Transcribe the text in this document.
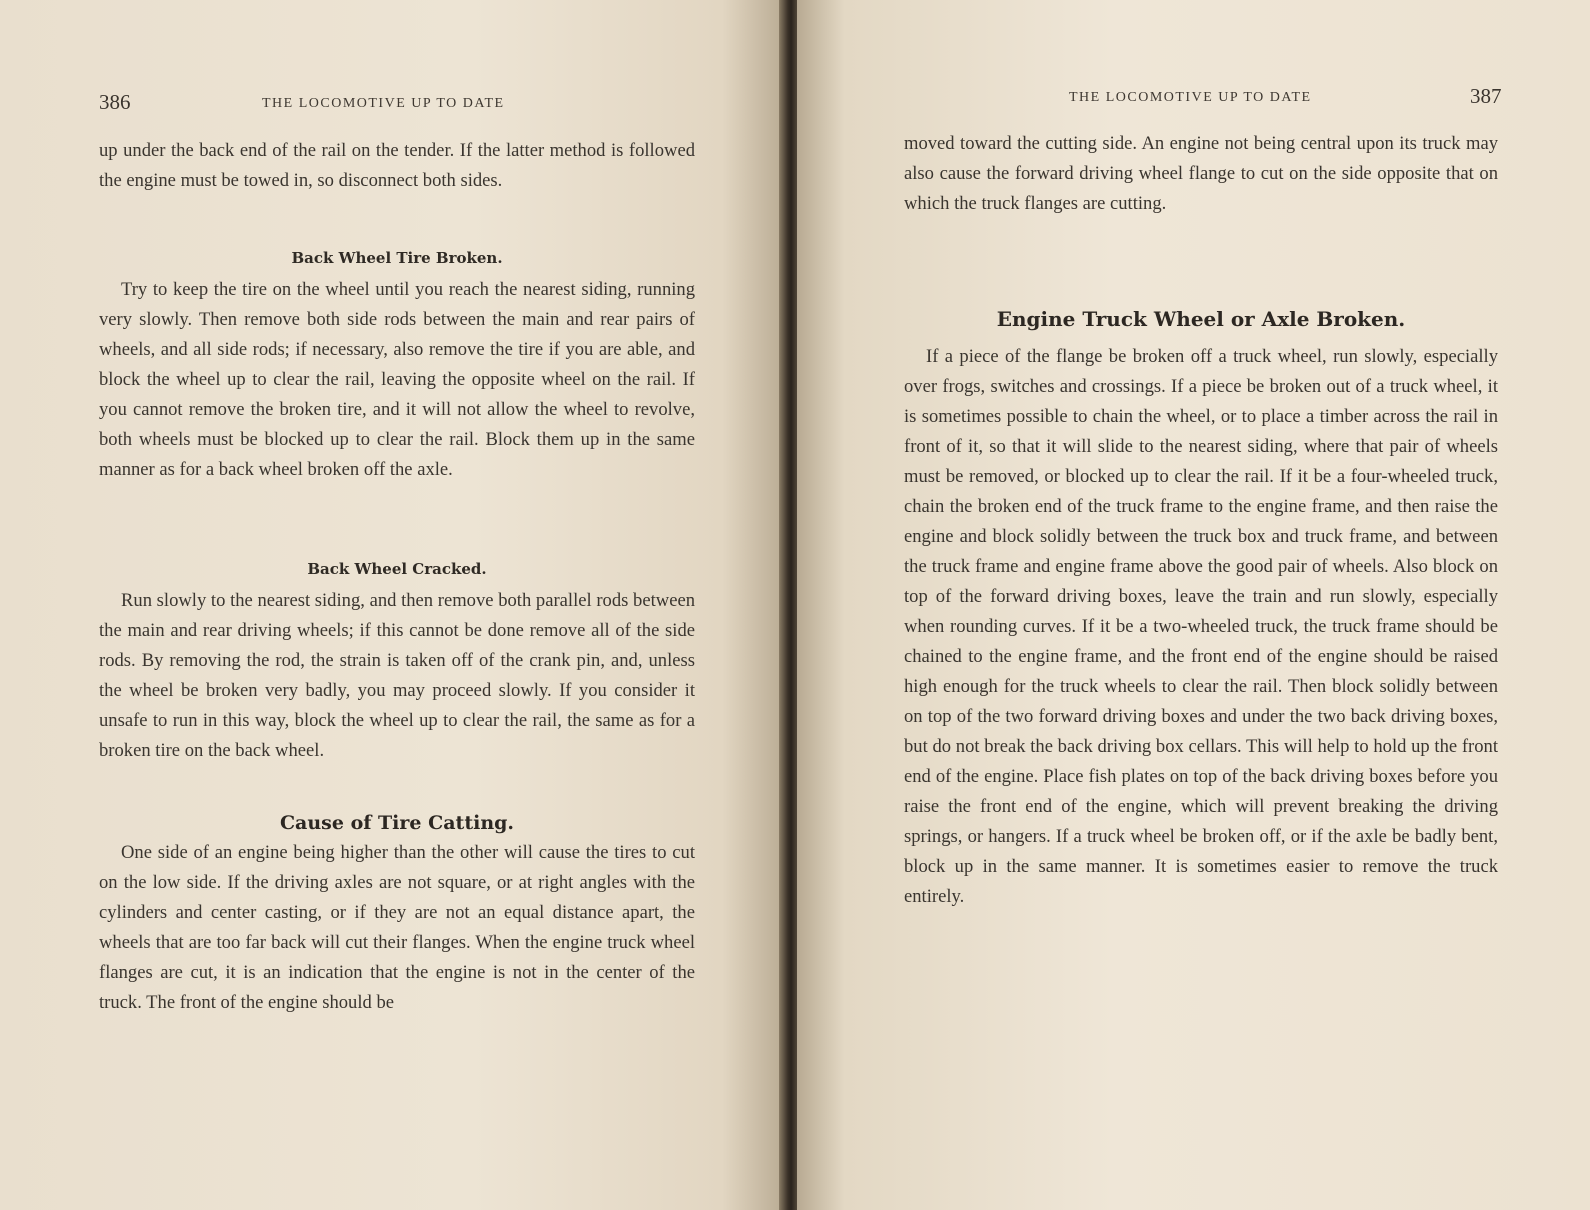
386	THE LOCOMOTIVE UP TO DATE

up under the back end of the rail on the tender. If the latter method is followed the engine must be towed in, so disconnect both sides.

Back Wheel Tire Broken.

Try to keep the tire on the wheel until you reach the nearest siding, running very slowly. Then remove both side rods between the main and rear pairs of wheels, and all side rods; if necessary, also remove the tire if you are able, and block the wheel up to clear the rail, leaving the opposite wheel on the rail. If you cannot remove the broken tire, and it will not allow the wheel to revolve, both wheels must be blocked up to clear the rail. Block them up in the same manner as for a back wheel broken off the axle.

Back Wheel Cracked.

Run slowly to the nearest siding, and then remove both parallel rods between the main and rear driving wheels; if this cannot be done remove all of the side rods. By removing the rod, the strain is taken off of the crank pin, and, unless the wheel be broken very badly, you may proceed slowly. If you consider it unsafe to run in this way, block the wheel up to clear the rail, the same as for a broken tire on the back wheel.

Cause of Tire Catting.

One side of an engine being higher than the other will cause the tires to cut on the low side. If the driving axles are not square, or at right angles with the cylinders and center casting, or if they are not an equal distance apart, the wheels that are too far back will cut their flanges. When the engine truck wheel flanges are cut, it is an indication that the engine is not in the center of the truck. The front of the engine should be

THE LOCOMOTIVE UP TO DATE	387

moved toward the cutting side. An engine not being central upon its truck may also cause the forward driving wheel flange to cut on the side opposite that on which the truck flanges are cutting.

Engine Truck Wheel or Axle Broken.

If a piece of the flange be broken off a truck wheel, run slowly, especially over frogs, switches and crossings. If a piece be broken out of a truck wheel, it is sometimes possible to chain the wheel, or to place a timber across the rail in front of it, so that it will slide to the nearest siding, where that pair of wheels must be removed, or blocked up to clear the rail. If it be a four-wheeled truck, chain the broken end of the truck frame to the engine frame, and then raise the engine and block solidly between the truck box and truck frame, and between the truck frame and engine frame above the good pair of wheels. Also block on top of the forward driving boxes, leave the train and run slowly, especially when rounding curves. If it be a two-wheeled truck, the truck frame should be chained to the engine frame, and the front end of the engine should be raised high enough for the truck wheels to clear the rail. Then block solidly between on top of the two forward driving boxes and under the two back driving boxes, but do not break the back driving box cellars. This will help to hold up the front end of the engine. Place fish plates on top of the back driving boxes before you raise the front end of the engine, which will prevent breaking the driving springs, or hangers. If a truck wheel be broken off, or if the axle be badly bent, block up in the same manner. It is sometimes easier to remove the truck entirely.
